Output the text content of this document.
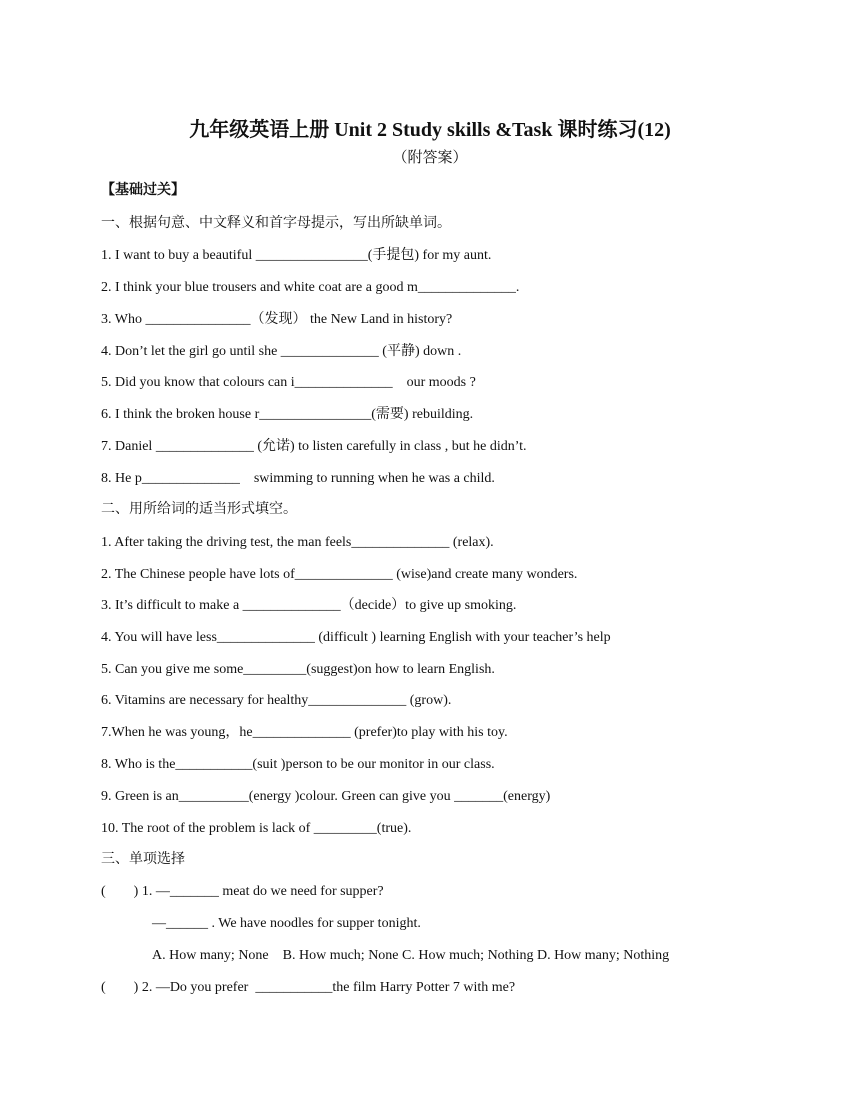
九年级英语上册 Unit 2 Study skills &Task 课时练习(12)
（附答案）
【基础过关】
一、根据句意、中文释义和首字母提示，写出所缺单词。
1. I want to buy a beautiful ________________(手提包) for my aunt.
2. I think your blue trousers and white coat are a good m______________.
3. Who _______________（发现） the New Land in history?
4. Don’t let the girl go until she ______________ (平静) down .
5. Did you know that colours can i______________    our moods ?
6. I think the broken house r________________(需要) rebuilding.
7. Daniel ______________ (允诺) to listen carefully in class , but he didn’t.
8. He p______________    swimming to running when he was a child.
二、用所给词的适当形式填空。
1. After taking the driving test, the man feels______________ (relax).
2. The Chinese people have lots of______________ (wise)and create many wonders.
3. It’s difficult to make a ______________（decide）to give up smoking.
4. You will have less______________ (difficult ) learning English with your teacher’s help
5. Can you give me some_________(suggest)on how to learn English.
6. Vitamins are necessary for healthy______________ (grow).
7.When he was young，he______________ (prefer)to play with his toy.
8. Who is the___________(suit )person to be our monitor in our class.
9. Green is an__________(energy )colour. Green can give you _______(energy)
10. The root of the problem is lack of _________(true).
三、单项选择
(        ) 1. —_______ meat do we need for supper?
—______ . We have noodles for supper tonight.
A. How many; None    B. How much; None C. How much; Nothing D. How many; Nothing
(        ) 2. —Do you prefer  ___________the film Harry Potter 7 with me?
